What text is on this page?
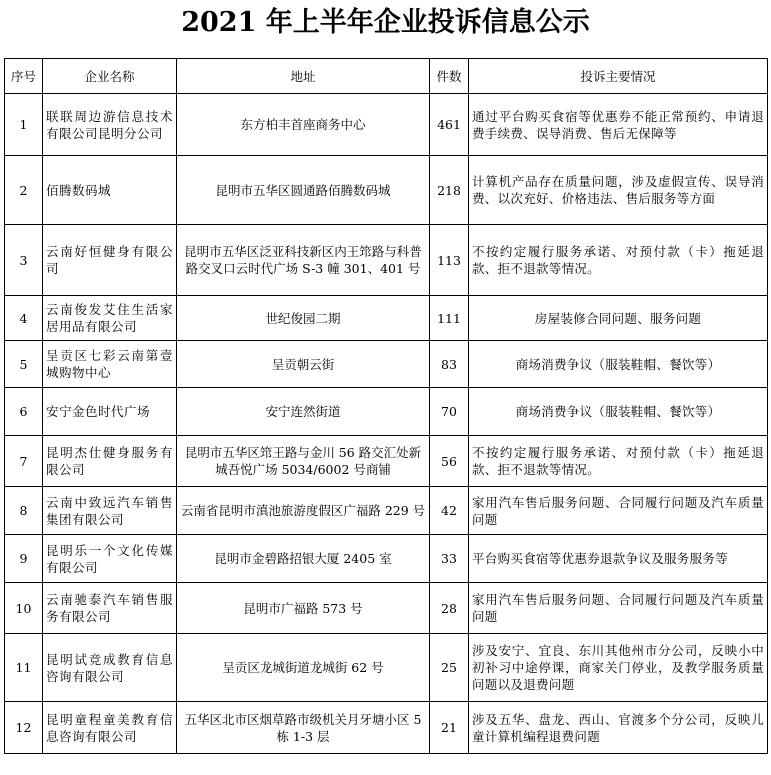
2021 年上半年企业投诉信息公示
序号	企业名称	地址	件数	投诉主要情况
1	联联周边游信息技术有限公司昆明分公司	东方柏丰首座商务中心	461	通过平台购买食宿等优惠券不能正常预约、申请退费手续费、误导消费、售后无保障等
2	佰腾数码城	昆明市五华区圆通路佰腾数码城	218	计算机产品存在质量问题，涉及虚假宣传、误导消费、以次充好、价格违法、售后服务等方面
3	云南好恒健身有限公司	昆明市五华区泛亚科技新区内王筇路与科普路交叉口云时代广场 S-3 幢 301、401 号	113	不按约定履行服务承诺、对预付款（卡）拖延退款、拒不退款等情况。
4	云南俊发艾住生活家居用品有限公司	世纪俊园二期	111	房屋装修合同问题、服务问题
5	呈贡区七彩云南第壹城购物中心	呈贡朝云街	83	商场消费争议（服装鞋帽、餐饮等）
6	安宁金色时代广场	安宁连然街道	70	商场消费争议（服装鞋帽、餐饮等）
7	昆明杰仕健身服务有限公司	昆明市五华区筇王路与金川 56 路交汇处新城吾悦广场 5034/6002 号商铺	56	不按约定履行服务承诺、对预付款（卡）拖延退款、拒不退款等情况。
8	云南中致远汽车销售集团有限公司	云南省昆明市滇池旅游度假区广福路 229 号	42	家用汽车售后服务问题、合同履行问题及汽车质量问题
9	昆明乐一个文化传媒有限公司	昆明市金碧路招银大厦 2405 室	33	平台购买食宿等优惠券退款争议及服务服务等
10	云南驰泰汽车销售服务有限公司	昆明市广福路 573 号	28	家用汽车售后服务问题、合同履行问题及汽车质量问题
11	昆明试竞成教育信息咨询有限公司	呈贡区龙城街道龙城街 62 号	25	涉及安宁、宜良、东川其他州市分公司，反映小中初补习中途停课，商家关门停业，及教学服务质量问题以及退费问题
12	昆明童程童美教育信息咨询有限公司	五华区北市区烟草路市级机关月牙塘小区 5 栋 1-3 层	21	涉及五华、盘龙、西山、官渡多个分公司，反映儿童计算机编程退费问题
